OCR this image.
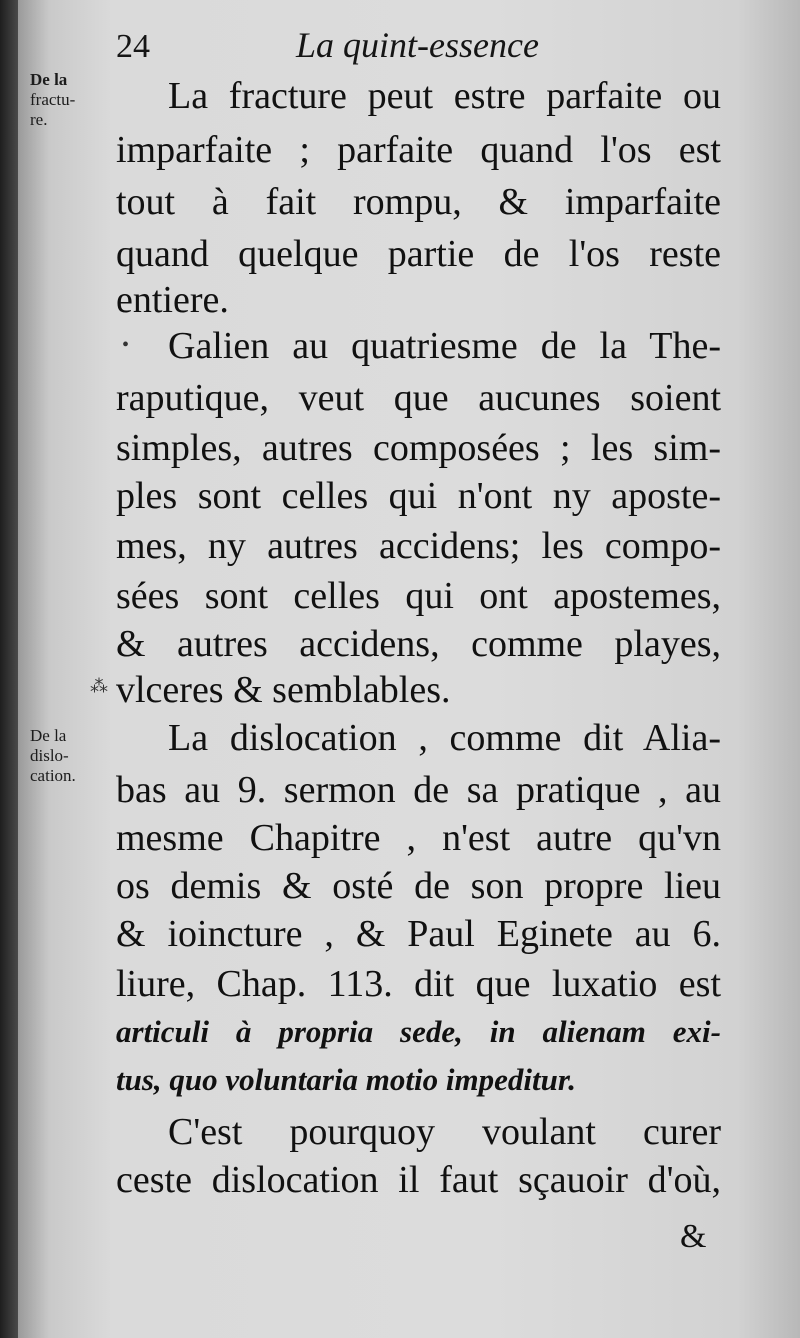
24	La quint-essence
De la
fractu-
re.
La fracture peut estre parfaite ou
imparfaite ; parfaite quand l'os est
tout à fait rompu, & imparfaite
quand quelque partie de l'os reste
entiere.
• Galien au quatriesme de la The-
raputique, veut que aucunes soient
simples, autres composées ; les sim-
ples sont celles qui n'ont ny aposte-
mes, ny autres accidens; les compo-
sées sont celles qui ont apostemes,
& autres accidens, comme playes,
vlceres & semblables.
⁂
De la
dislo-
cation.
La dislocation , comme dit Alia-
bas au 9. sermon de sa pratique , au
mesme Chapitre , n'est autre qu'vn
os demis & osté de son propre lieu
& ioincture , & Paul Eginete au 6.
liure, Chap. 113. dit que luxatio est
articuli à propria sede, in alienam exi-
tus, quo voluntaria motio impeditur.
C'est pourquoy voulant curer
ceste dislocation il faut sçauoir d'où,
&
